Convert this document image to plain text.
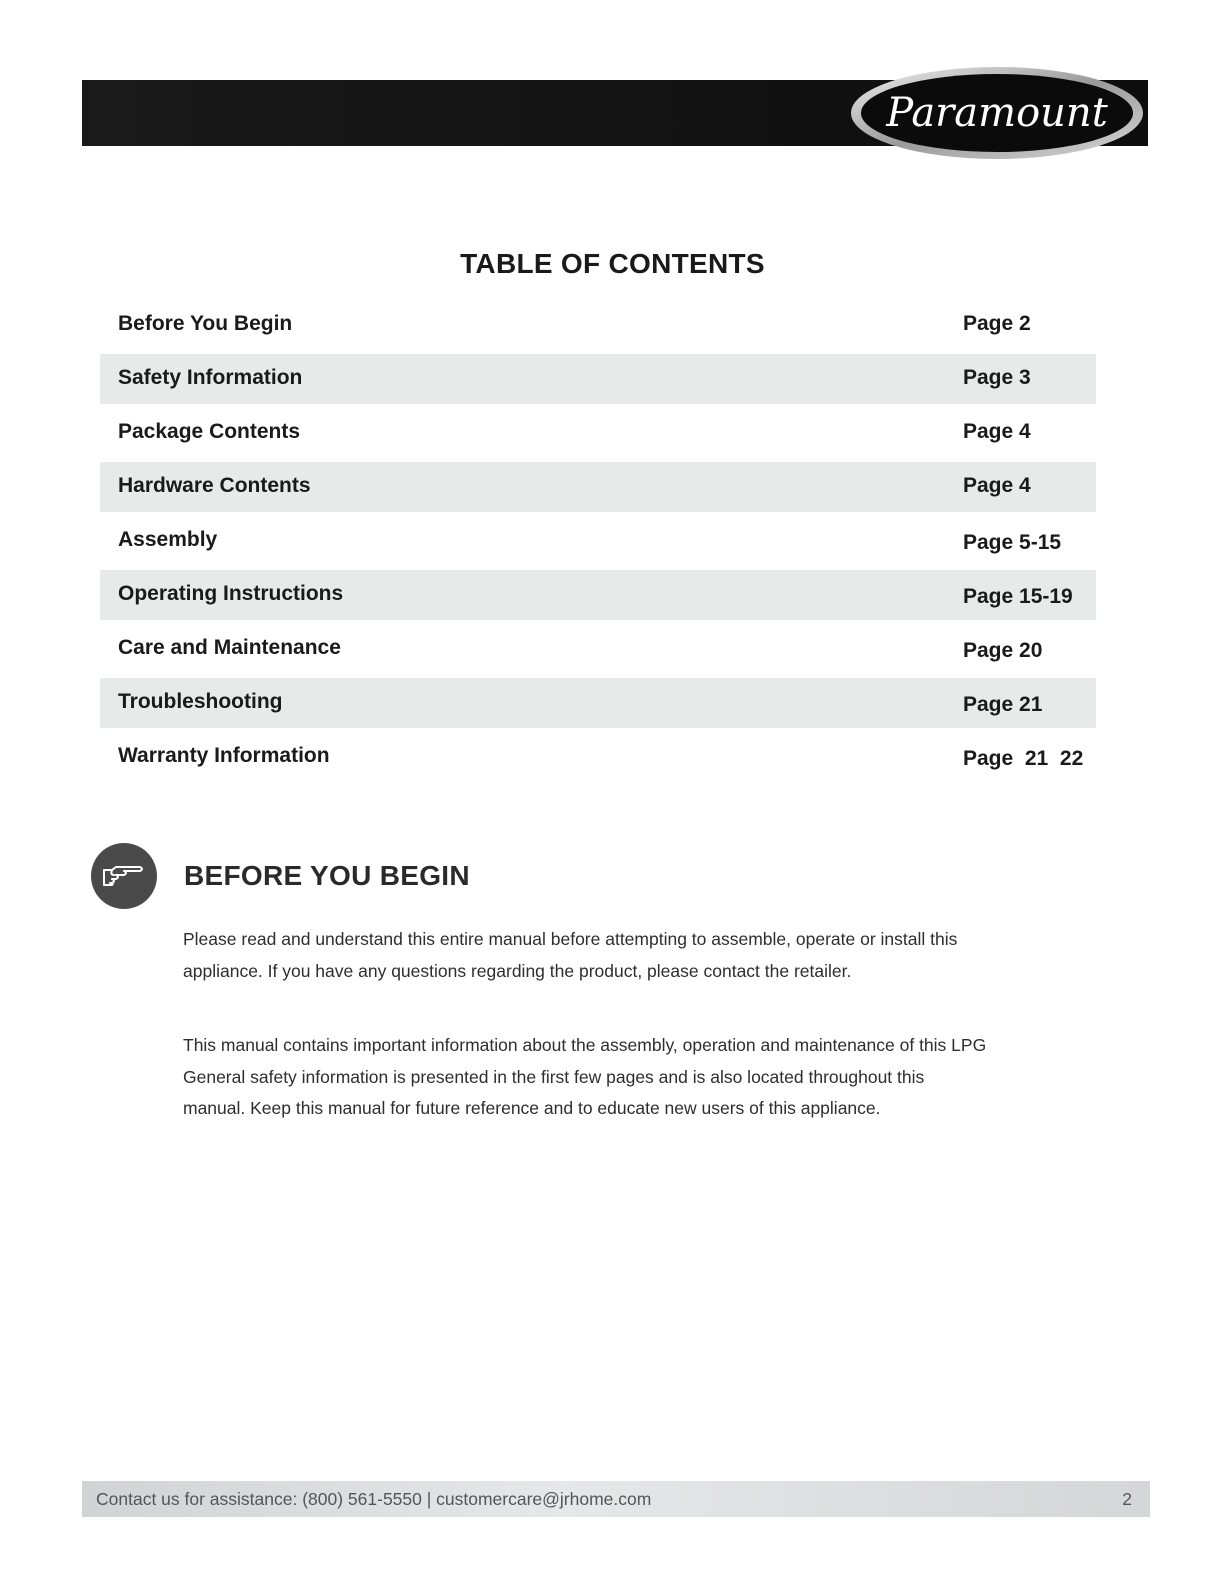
Paramount
TABLE OF CONTENTS
Before You Begin	Page 2
Safety Information	Page 3
Package Contents	Page 4
Hardware Contents	Page 4
Assembly	Page 5-15
Operating Instructions	Page 15-19
Care and Maintenance	Page 20
Troubleshooting	Page 21
Warranty Information	Page  21  22
BEFORE YOU BEGIN
Please read and understand this entire manual before attempting to assemble, operate or install this
appliance. If you have any questions regarding the product, please contact the retailer.
This manual contains important information about the assembly, operation and maintenance of this LPG
General safety information is presented in the first few pages and is also located throughout this
manual. Keep this manual for future reference and to educate new users of this appliance.
Contact us for assistance: (800) 561-5550 | customercare@jrhome.com	2
